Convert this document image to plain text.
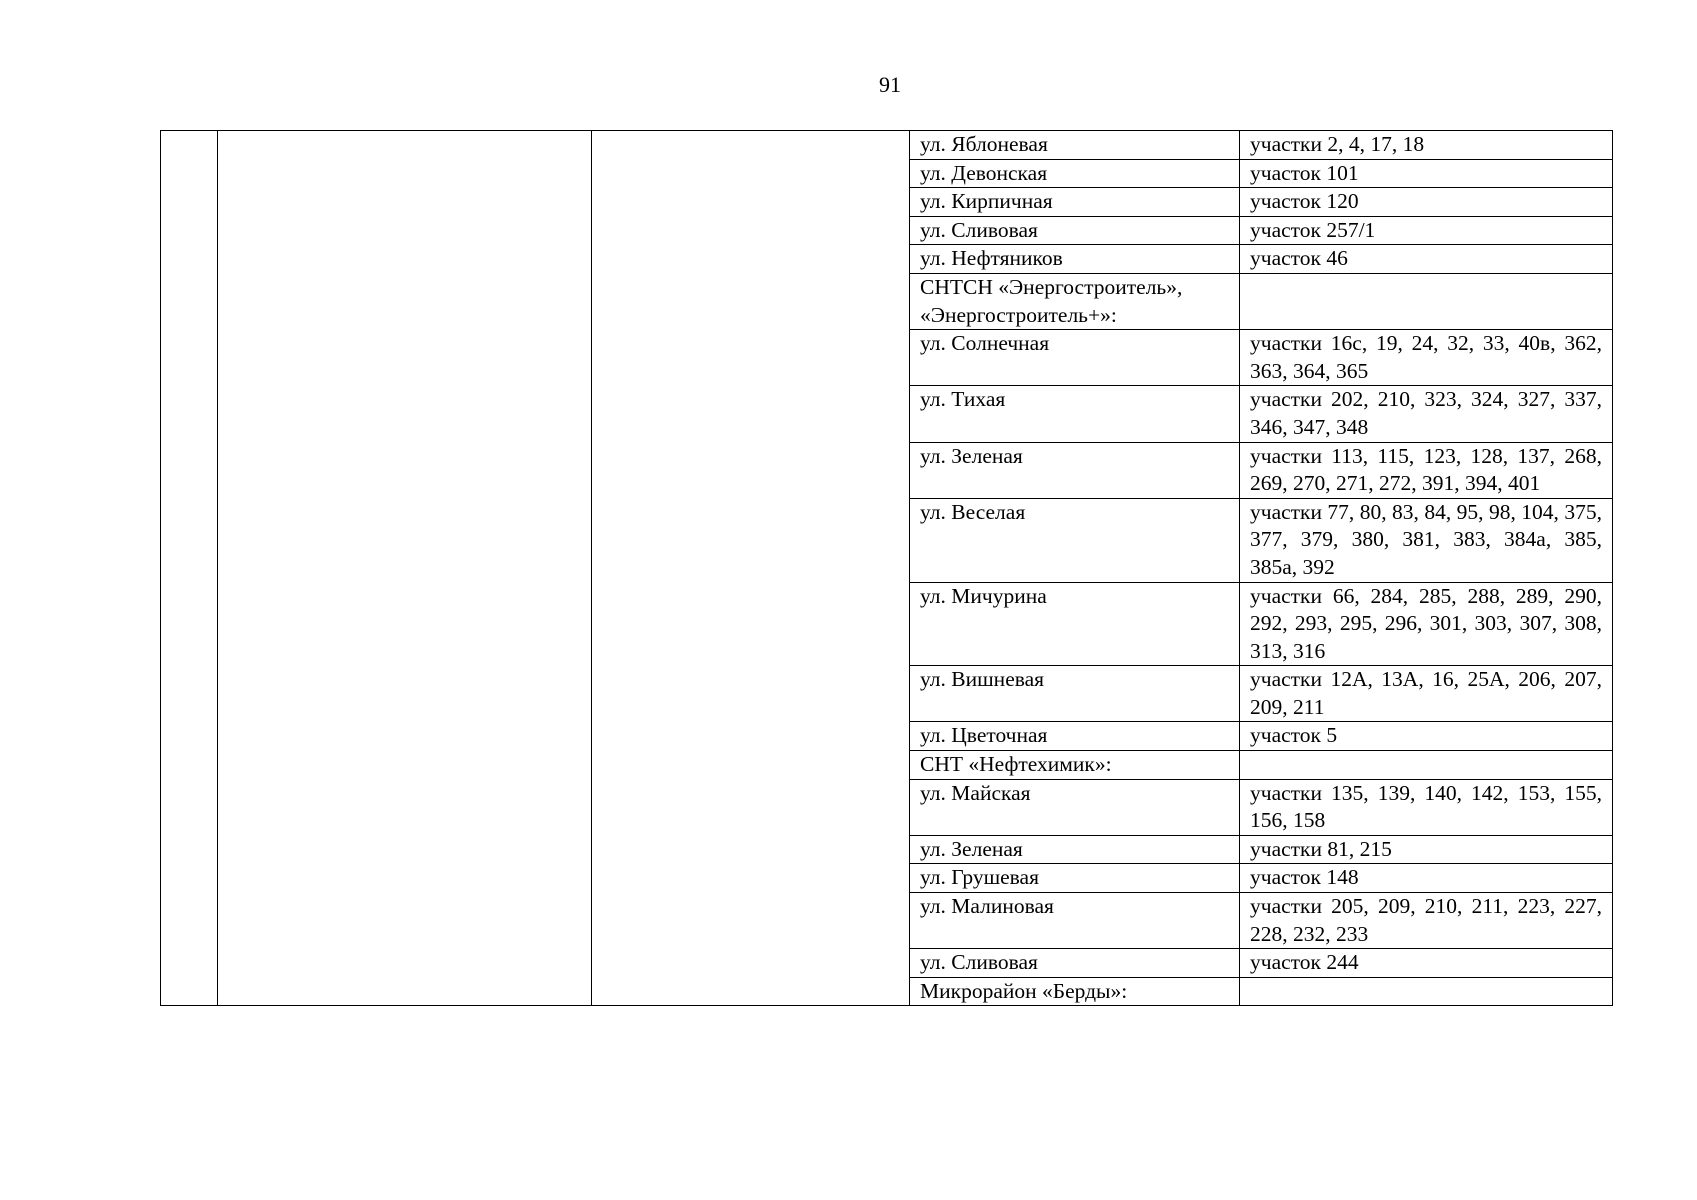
91
			ул. Яблоневая	участки 2, 4, 17, 18
			ул. Девонская	участок 101
			ул. Кирпичная	участок 120
			ул. Сливовая	участок 257/1
			ул. Нефтяников	участок 46
			СНТСН «Энергостроитель», «Энергостроитель+»:	
			ул. Солнечная	участки 16с, 19, 24, 32, 33, 40в, 362, 363, 364, 365
			ул. Тихая	участки 202, 210, 323, 324, 327, 337, 346, 347, 348
			ул. Зеленая	участки 113, 115, 123, 128, 137, 268, 269, 270, 271, 272, 391, 394, 401
			ул. Веселая	участки 77, 80, 83, 84, 95, 98, 104, 375, 377, 379, 380, 381, 383, 384а, 385, 385а, 392
			ул. Мичурина	участки 66, 284, 285, 288, 289, 290, 292, 293, 295, 296, 301, 303, 307, 308, 313, 316
			ул. Вишневая	участки 12А, 13А, 16, 25А, 206, 207, 209, 211
			ул. Цветочная	участок 5
			СНТ «Нефтехимик»:	
			ул. Майская	участки 135, 139, 140, 142, 153, 155, 156, 158
			ул. Зеленая	участки 81, 215
			ул. Грушевая	участок 148
			ул. Малиновая	участки 205, 209, 210, 211, 223, 227, 228, 232, 233
			ул. Сливовая	участок 244
			Микрорайон «Берды»:	
